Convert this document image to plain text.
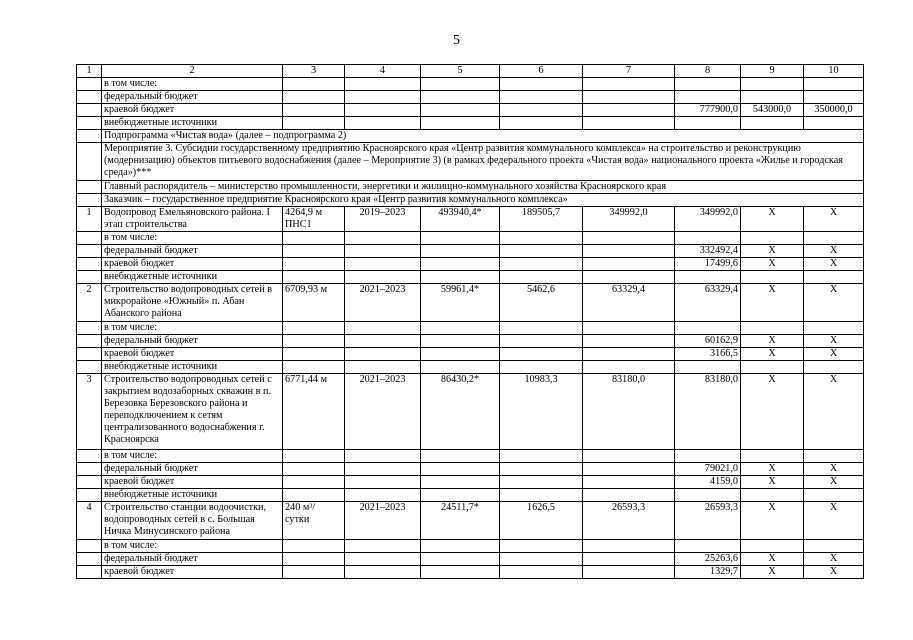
5
1	2	3	4	5	6	7	8	9	10
	в том числе:								
	федеральный бюджет								
	краевой бюджет						777900,0	543000,0	350000,0
	внебюджетные источники								
	Подпрограмма «Чистая вода» (далее – подпрограмма 2)								
	Мероприятие 3. Субсидии государственному предприятию Красноярского края «Центр развития коммунального комплекса» на строительство и реконструкцию (модернизацию) объектов питьевого водоснабжения (далее – Мероприятие 3) (в рамках федерального проекта «Чистая вода» национального проекта «Жилье и городская среда»)***								
	Главный распорядитель – министерство промышленности, энергетики и жилищно-коммунального хозяйства Красноярского края								
	Заказчик – государственное предприятие Красноярского края «Центр развития коммунального комплекса»								
1	Водопровод Емельяновского района. I этап строительства	4264,9 м ПНС1	2019–2023	493940,4*	189505,7	349992,0	349992,0	Х	Х
	в том числе:								
	федеральный бюджет						332492,4	Х	Х
	краевой бюджет						17499,6	Х	Х
	внебюджетные источники								
2	Строительство водопроводных сетей в микрорайоне «Южный» п. Абан Абанского района	6709,93 м	2021–2023	59961,4*	5462,6	63329,4	63329,4	Х	Х
	в том числе:								
	федеральный бюджет						60162,9	Х	Х
	краевой бюджет						3166,5	Х	Х
	внебюджетные источники								
3	Строительство водопроводных сетей с закрытием водозаборных скважин в п. Березовка Березовского района и переподключением к сетям централизованного водоснабжения г. Красноярска	6771,44 м	2021–2023	86430,2*	10983,3	83180,0	83180,0	Х	Х
	в том числе:								
	федеральный бюджет						79021,0	Х	Х
	краевой бюджет						4159,0	Х	Х
	внебюджетные источники								
4	Строительство станции водоочистки, водопроводных сетей в с. Большая Ничка Минусинского района	240 м³/ сутки	2021–2023	24511,7*	1626,5	26593,3	26593,3	Х	Х
	в том числе:								
	федеральный бюджет						25263,6	Х	Х
	краевой бюджет						1329,7	Х	Х
